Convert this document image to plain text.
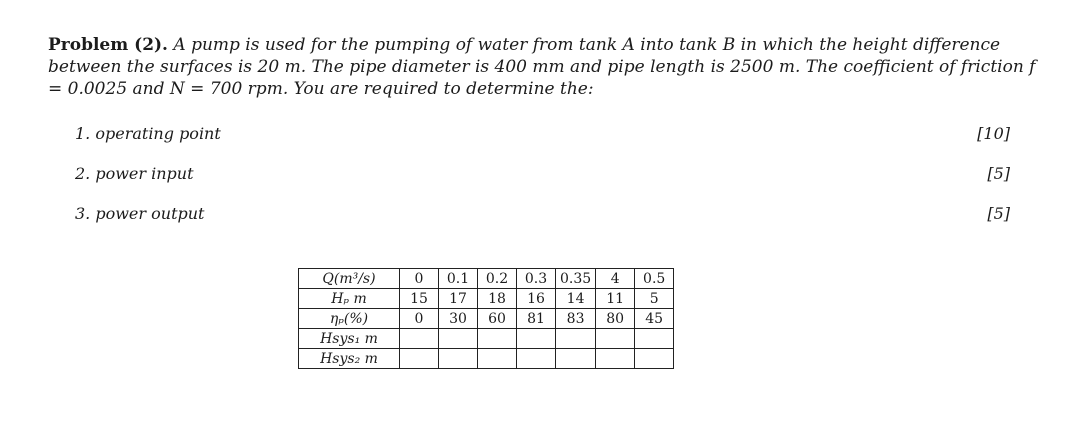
Problem (2). A pump is used for the pumping of water from tank A into tank B in which the height difference between the surfaces is 20 m. The pipe diameter is 400 mm and pipe length is 2500 m. The coefficient of friction f = 0.0025 and N = 700 rpm. You are required to determine the:
1. operating point	[10]
2. power input	[5]
3. power output	[5]
Q(m³/s)	0	0.1	0.2	0.3	0.35	4	0.5
Hₚ m	15	17	18	16	14	11	5
ηₚ(%)	0	30	60	81	83	80	45
Hsys₁ m							
Hsys₂ m							
